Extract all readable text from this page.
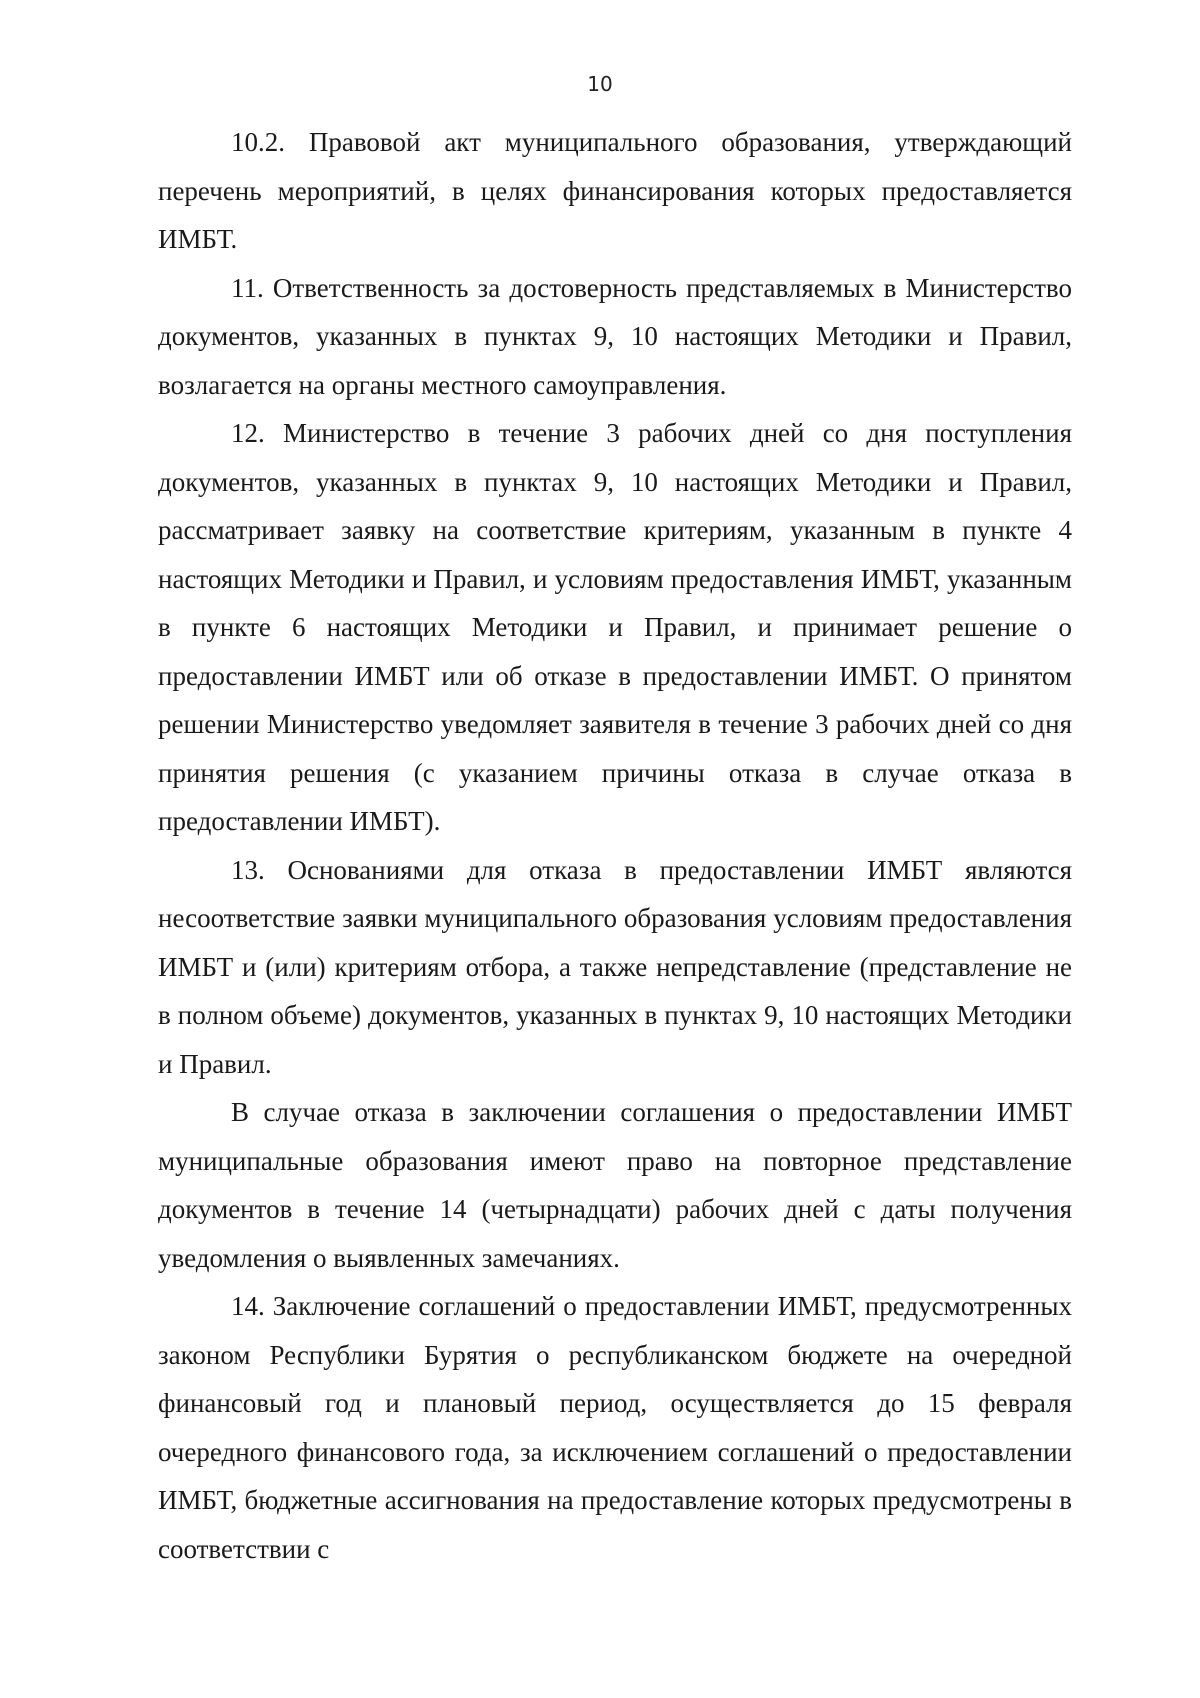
10

10.2. Правовой акт муниципального образования, утверждающий перечень мероприятий, в целях финансирования которых предоставляется ИМБТ.

11. Ответственность за достоверность представляемых в Министерство документов, указанных в пунктах 9, 10 настоящих Методики и Правил, возлагается на органы местного самоуправления.

12. Министерство в течение 3 рабочих дней со дня поступления документов, указанных в пунктах 9, 10 настоящих Методики и Правил, рассматривает заявку на соответствие критериям, указанным в пункте 4 настоящих Методики и Правил, и условиям предоставления ИМБТ, указанным в пункте 6 настоящих Методики и Правил, и принимает решение о предоставлении ИМБТ или об отказе в предоставлении ИМБТ. О принятом решении Министерство уведомляет заявителя в течение 3 рабочих дней со дня принятия решения (с указанием причины отказа в случае отказа в предоставлении ИМБТ).

13. Основаниями для отказа в предоставлении ИМБТ являются несоответствие заявки муниципального образования условиям предоставления ИМБТ и (или) критериям отбора, а также непредставление (представление не в полном объеме) документов, указанных в пунктах 9, 10 настоящих Методики и Правил.

В случае отказа в заключении соглашения о предоставлении ИМБТ муниципальные образования имеют право на повторное представление документов в течение 14 (четырнадцати) рабочих дней с даты получения уведомления о выявленных замечаниях.

14. Заключение соглашений о предоставлении ИМБТ, предусмотренных законом Республики Бурятия о республиканском бюджете на очередной финансовый год и плановый период, осуществляется до 15 февраля очередного финансового года, за исключением соглашений о предоставлении ИМБТ, бюджетные ассигнования на предоставление которых предусмотрены в соответствии с
